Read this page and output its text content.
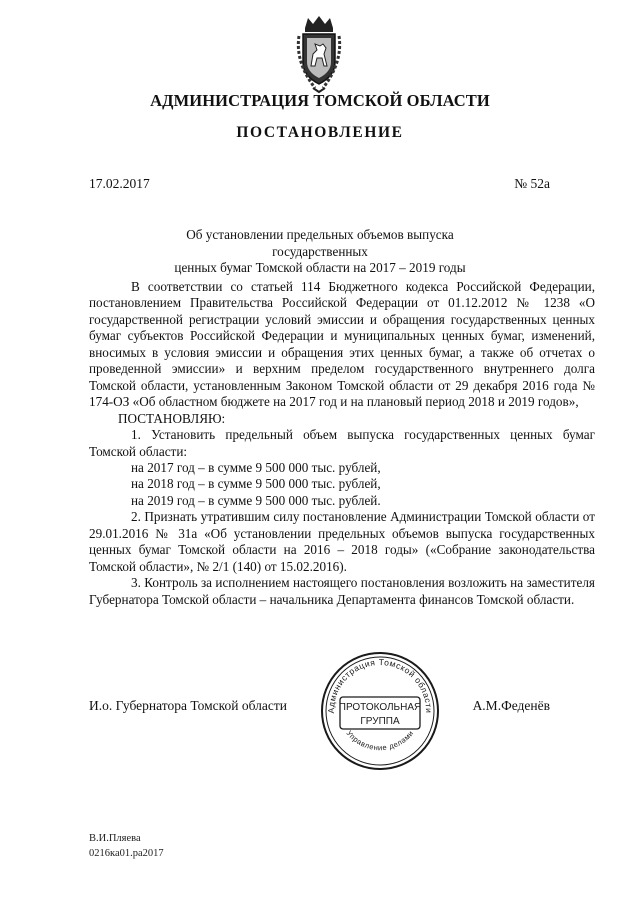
АДМИНИСТРАЦИЯ ТОМСКОЙ ОБЛАСТИ
ПОСТАНОВЛЕНИЕ
17.02.2017	№ 52а
Об установлении предельных объемов выпуска государственных
ценных бумаг Томской области на 2017 – 2019 годы

В соответствии со статьей 114 Бюджетного кодекса Российской Федерации, постановлением Правительства Российской Федерации от 01.12.2012 № 1238 «О государственной регистрации условий эмиссии и обращения государственных ценных бумаг субъектов Российской Федерации и муниципальных ценных бумаг, изменений, вносимых в условия эмиссии и обращения этих ценных бумаг, а также об отчетах о проведенной эмиссии» и верхним пределом государственного внутреннего долга Томской области, установленным Законом Томской области от 29 декабря 2016 года № 174-ОЗ «Об областном бюджете на 2017 год и на плановый период 2018 и 2019 годов»,

ПОСТАНОВЛЯЮ:

1. Установить предельный объем выпуска государственных ценных бумаг Томской области:

на 2017 год – в сумме 9 500 000 тыс. рублей,

на 2018 год – в сумме 9 500 000 тыс. рублей,

на 2019 год – в сумме 9 500 000 тыс. рублей.

2. Признать утратившим силу постановление Администрации Томской области от 29.01.2016 № 31а «Об установлении предельных объемов выпуска государственных ценных бумаг Томской области на 2016 – 2018 годы» («Собрание законодательства Томской области», № 2/1 (140) от 15.02.2016).

3. Контроль за исполнением настоящего постановления возложить на заместителя Губернатора Томской области – начальника Департамента финансов Томской области.

И.о. Губернатора Томской области	А.М.Феденёв
Администрация Томской области
Управление делами
ПРОТОКОЛЬНАЯ
ГРУППА
В.И.Пляева
0216ка01.ра2017
